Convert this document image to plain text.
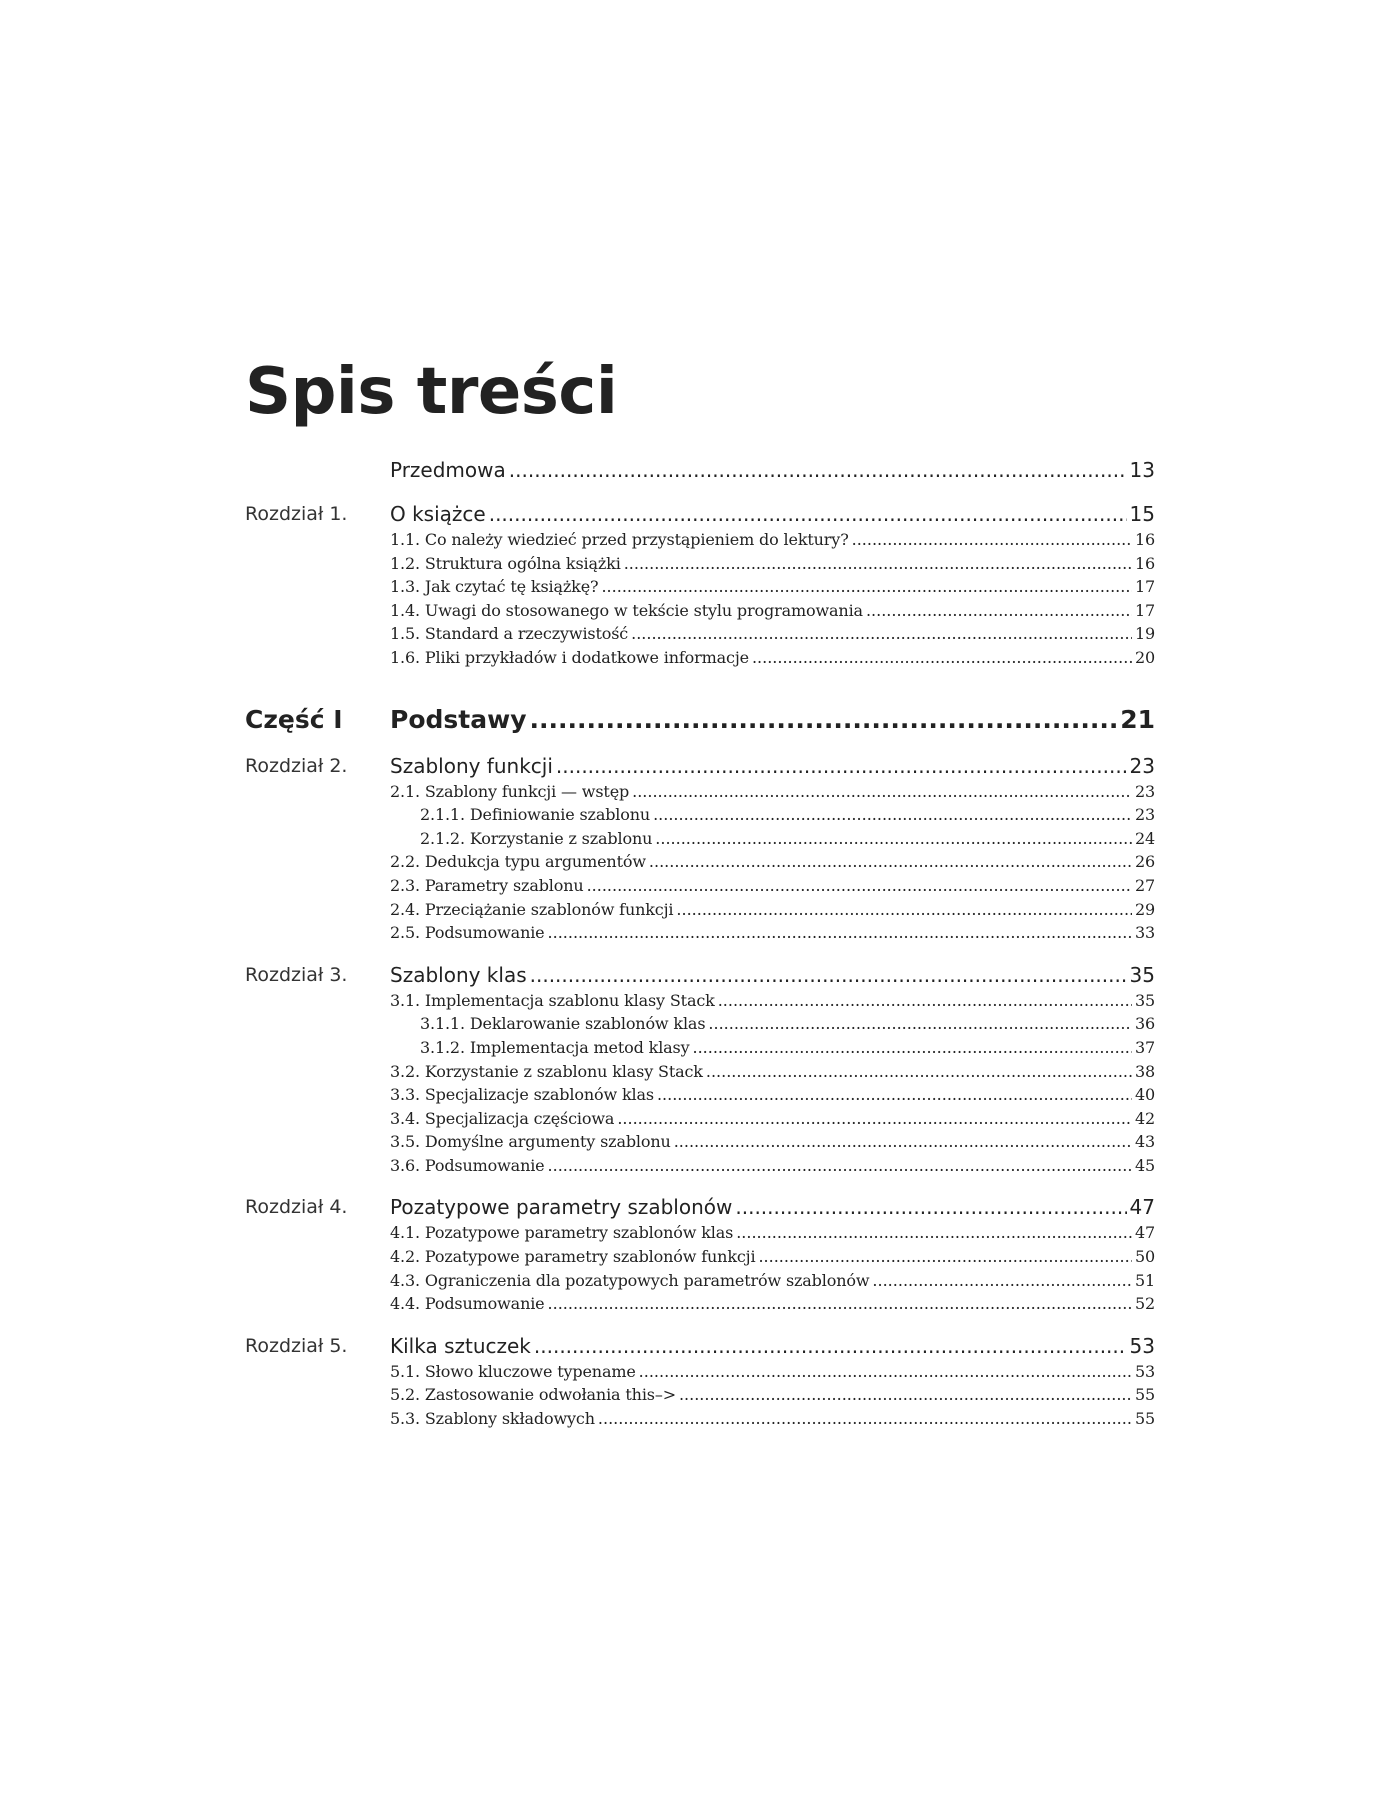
Spis treści
Przedmowa .....	13
Rozdział 1.	O książce .....	15
1.1. Co należy wiedzieć przed przystąpieniem do lektury? .....	16
1.2. Struktura ogólna książki .....	16
1.3. Jak czytać tę książkę? .....	17
1.4. Uwagi do stosowanego w tekście stylu programowania .....	17
1.5. Standard a rzeczywistość .....	19
1.6. Pliki przykładów i dodatkowe informacje .....	20
Część I	Podstawy .....	21
Rozdział 2.	Szablony funkcji .....	23
2.1. Szablony funkcji — wstęp .....	23
2.1.1. Definiowanie szablonu .....	23
2.1.2. Korzystanie z szablonu .....	24
2.2. Dedukcja typu argumentów .....	26
2.3. Parametry szablonu .....	27
2.4. Przeciążanie szablonów funkcji .....	29
2.5. Podsumowanie .....	33
Rozdział 3.	Szablony klas .....	35
3.1. Implementacja szablonu klasy Stack .....	35
3.1.1. Deklarowanie szablonów klas .....	36
3.1.2. Implementacja metod klasy .....	37
3.2. Korzystanie z szablonu klasy Stack .....	38
3.3. Specjalizacje szablonów klas .....	40
3.4. Specjalizacja częściowa .....	42
3.5. Domyślne argumenty szablonu .....	43
3.6. Podsumowanie .....	45
Rozdział 4.	Pozatypowe parametry szablonów .....	47
4.1. Pozatypowe parametry szablonów klas .....	47
4.2. Pozatypowe parametry szablonów funkcji .....	50
4.3. Ograniczenia dla pozatypowych parametrów szablonów .....	51
4.4. Podsumowanie .....	52
Rozdział 5.	Kilka sztuczek .....	53
5.1. Słowo kluczowe typename .....	53
5.2. Zastosowanie odwołania this–> .....	55
5.3. Szablony składowych .....	55
